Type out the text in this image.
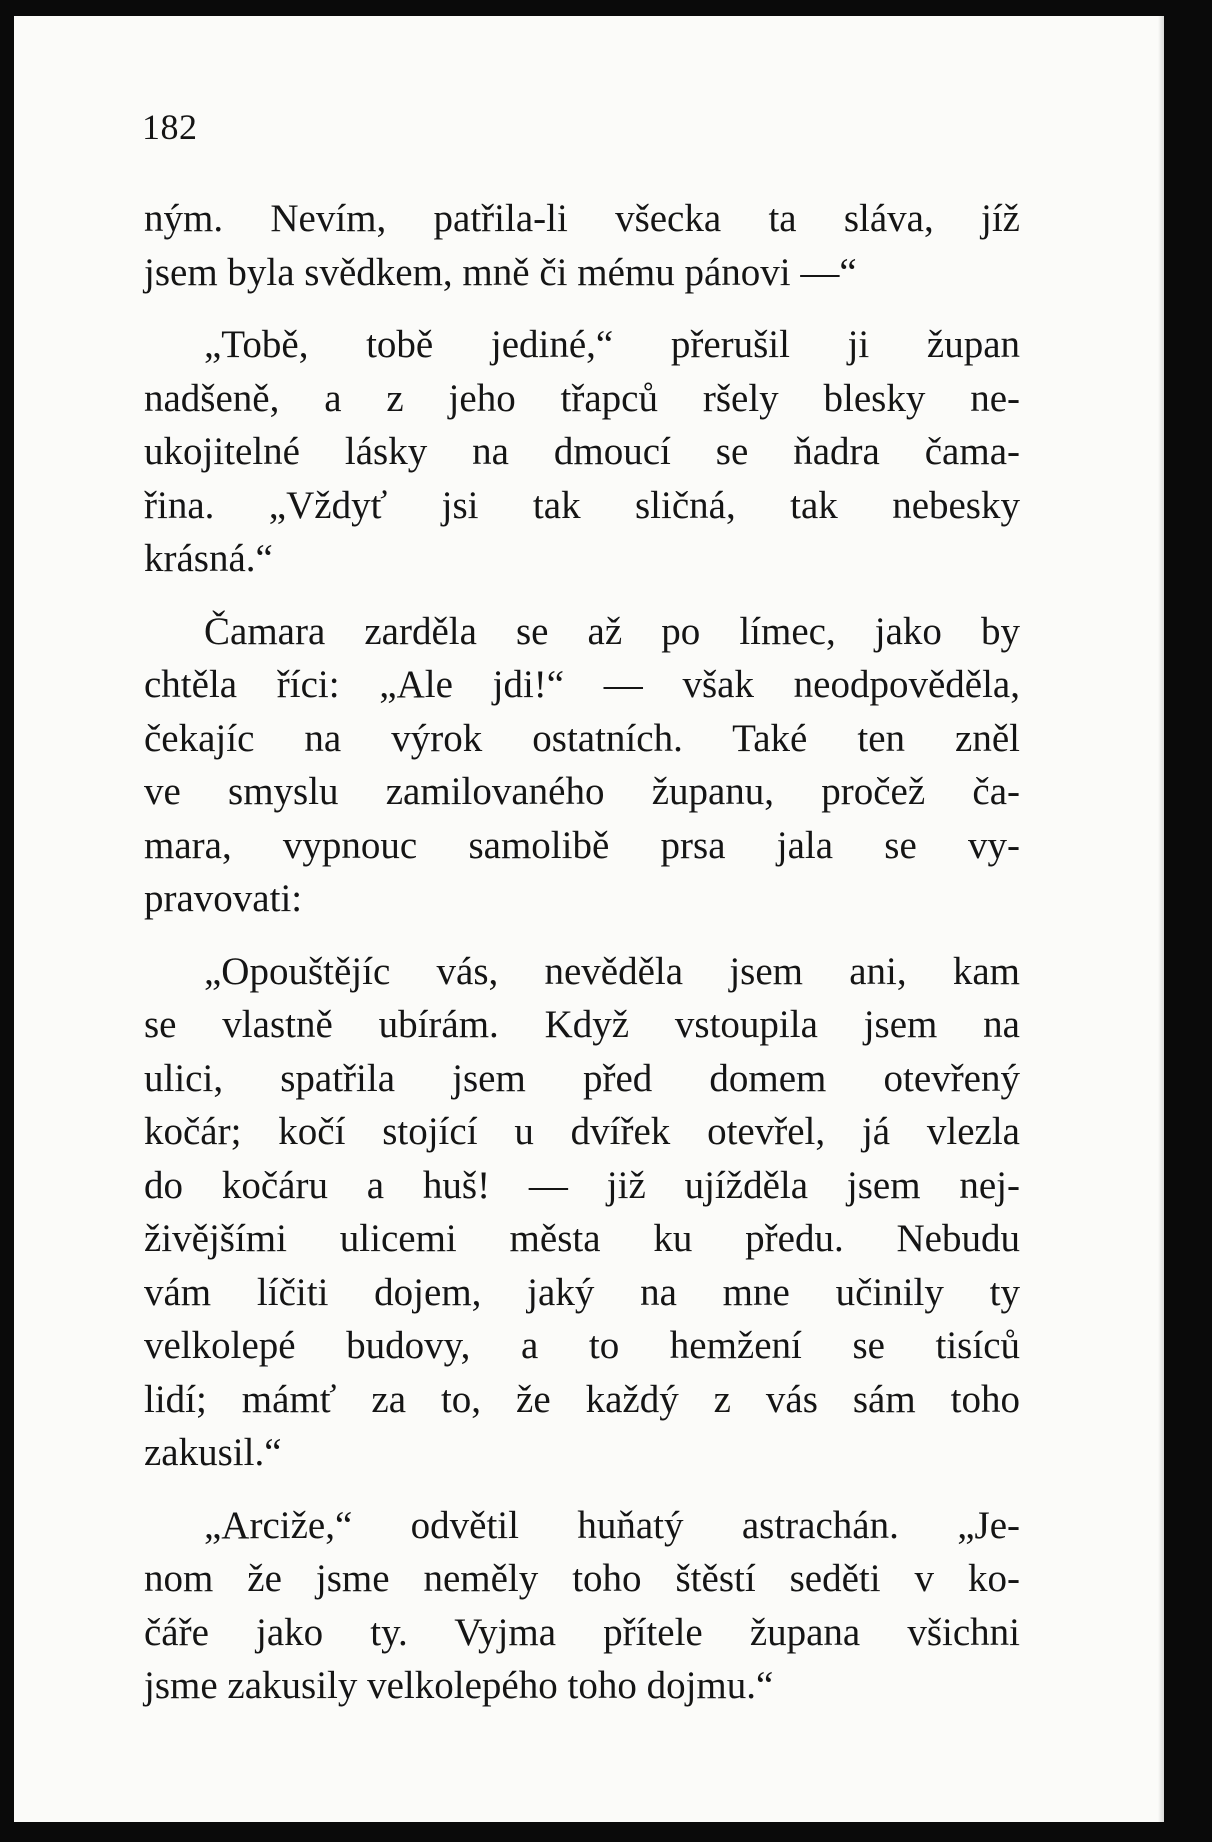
182
ným. Nevím, patřila-li všecka ta sláva, jíž
jsem byla svědkem, mně či mému pánovi —“
„Tobě, tobě jediné,“ přerušil ji župan
nadšeně, a z jeho třapců ršely blesky ne-
ukojitelné lásky na dmoucí se ňadra čama-
řina. „Vždyť jsi tak sličná, tak nebesky
krásná.“
Čamara zarděla se až po límec, jako by
chtěla říci: „Ale jdi!“ — však neodpověděla,
čekajíc na výrok ostatních. Také ten zněl
ve smyslu zamilovaného županu, pročež ča-
mara, vypnouc samolibě prsa jala se vy-
pravovati:
„Opouštějíc vás, nevěděla jsem ani, kam
se vlastně ubírám. Když vstoupila jsem na
ulici, spatřila jsem před domem otevřený
kočár; kočí stojící u dvířek otevřel, já vlezla
do kočáru a huš! — již ujížděla jsem nej-
živějšími ulicemi města ku předu. Nebudu
vám líčiti dojem, jaký na mne učinily ty
velkolepé budovy, a to hemžení se tisíců
lidí; mámť za to, že každý z vás sám toho
zakusil.“
„Arciže,“ odvětil huňatý astrachán. „Je-
nom že jsme neměly toho štěstí seděti v ko-
čáře jako ty. Vyjma přítele županа všichni
jsme zakusily velkolepého toho dojmu.“
